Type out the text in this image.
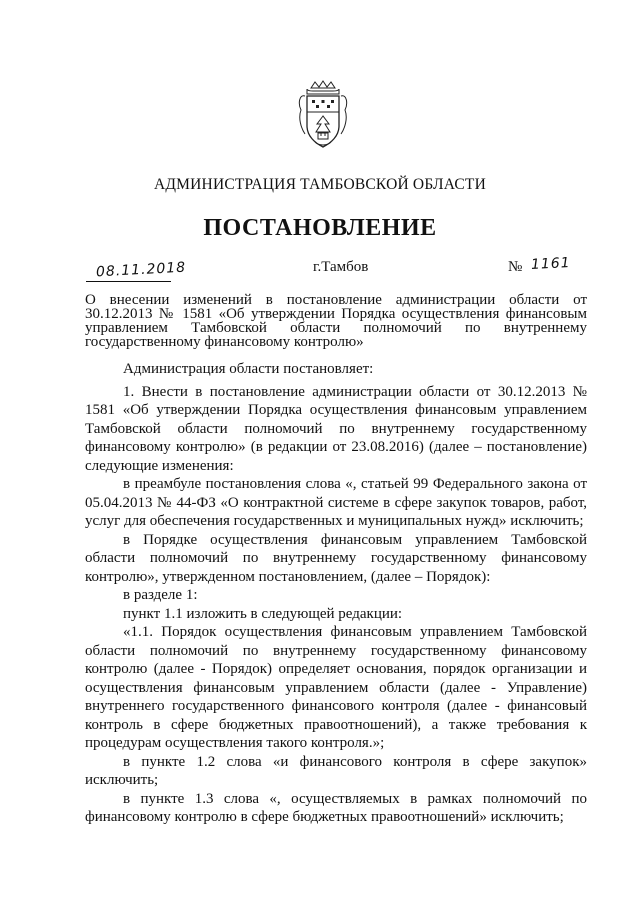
АДМИНИСТРАЦИЯ ТАМБОВСКОЙ ОБЛАСТИ
ПОСТАНОВЛЕНИЕ
08.11.2018	г.Тамбов	№ 1161
О внесении изменений в постановление администрации области от 30.12.2013 № 1581 «Об утверждении Порядка осуществления финансовым управлением Тамбовской области полномочий по внутреннему государственному финансовому контролю»

Администрация области постановляет:

1. Внести в постановление администрации области от 30.12.2013 № 1581 «Об утверждении Порядка осуществления финансовым управлением Тамбовской области полномочий по внутреннему государственному финансовому контролю» (в редакции от 23.08.2016) (далее – постановление) следующие изменения:

в преамбуле постановления слова «, статьей 99 Федерального закона от 05.04.2013 № 44-ФЗ «О контрактной системе в сфере закупок товаров, работ, услуг для обеспечения государственных и муниципальных нужд» исключить;

в Порядке осуществления финансовым управлением Тамбовской области полномочий по внутреннему государственному финансовому контролю», утвержденном постановлением, (далее – Порядок):

в разделе 1:

пункт 1.1 изложить в следующей редакции:

«1.1. Порядок осуществления финансовым управлением Тамбовской области полномочий по внутреннему государственному финансовому контролю (далее - Порядок) определяет основания, порядок организации и осуществления финансовым управлением области (далее - Управление) внутреннего государственного финансового контроля (далее - финансовый контроль в сфере бюджетных правоотношений), а также требования к процедурам осуществления такого контроля.»;

в пункте 1.2 слова «и финансового контроля в сфере закупок» исключить;

в пункте 1.3 слова «, осуществляемых в рамках полномочий по финансовому контролю в сфере бюджетных правоотношений» исключить;
